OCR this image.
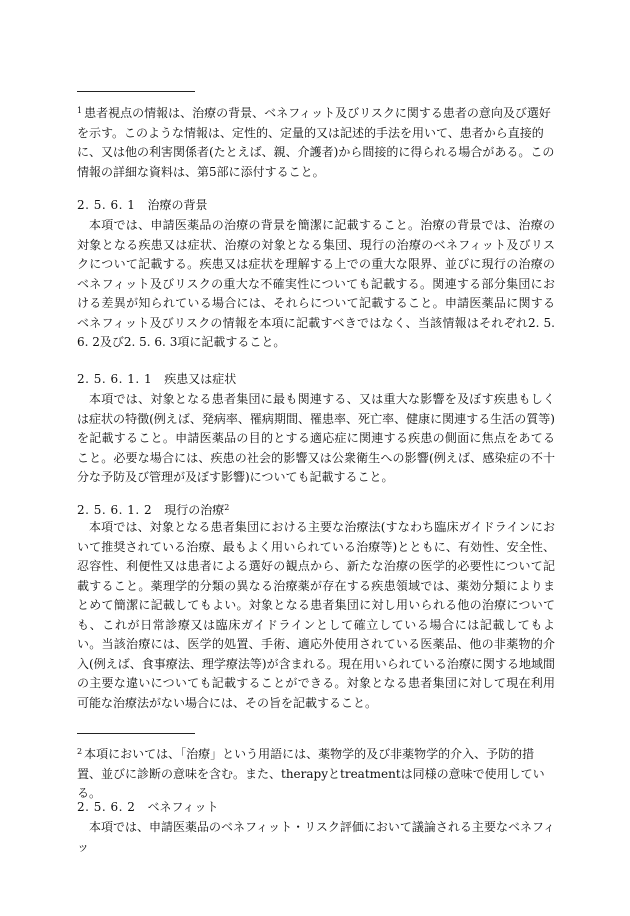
$^1$ 患者視点の情報は、治療の背景、ベネフィット及びリスクに関する患者の意向及び選好を示す。このような情報は、定性的、定量的又は記述的手法を用いて、患者から直接的に、又は他の利害関係者(たとえば、親、介護者)から間接的に得られる場合がある。この情報の詳細な資料は、第5部に添付すること。

2. 5. 6. 1　 治療の背景

本項では、申請医薬品の治療の背景を簡潔に記載すること。治療の背景では、治療の対象となる疾患又は症状、治療の対象となる集団、現行の治療のベネフィット及びリスクについて記載する。疾患又は症状を理解する上での重大な限界、並びに現行の治療のベネフィット及びリスクの重大な不確実性についても記載する。関連する部分集団における差異が知られている場合には、それらについて記載すること。申請医薬品に関するベネフィット及びリスクの情報を本項に記載すべきではなく、当該情報はそれぞれ2. 5. 6. 2及び2. 5. 6. 3項に記載すること。

2. 5. 6. 1. 1　 疾患又は症状

本項では、対象となる患者集団に最も関連する、又は重大な影響を及ぼす疾患もしくは症状の特徴(例えば、発病率、罹病期間、罹患率、死亡率、健康に関連する生活の質等)を記載すること。申請医薬品の目的とする適応症に関連する疾患の側面に焦点をあてること。必要な場合には、疾患の社会的影響又は公衆衛生への影響(例えば、感染症の不十分な予防及び管理が及ぼす影響)についても記載すること。

2. 5. 6. 1. 2　 現行の治療$^2$

本項では、対象となる患者集団における主要な治療法(すなわち臨床ガイドラインにおいて推奨されている治療、最もよく用いられている治療等)とともに、有効性、安全性、忍容性、利便性又は患者による選好の観点から、新たな治療の医学的必要性について記載すること。薬理学的分類の異なる治療薬が存在する疾患領域では、薬効分類によりまとめて簡潔に記載してもよい。対象となる患者集団に対し用いられる他の治療についても、これが日常診療又は臨床ガイドラインとして確立している場合には記載してもよい。当該治療には、医学的処置、手術、適応外使用されている医薬品、他の非薬物的介入(例えば、食事療法、理学療法等)が含まれる。現在用いられている治療に関する地域間の主要な違いについても記載することができる。対象となる患者集団に対して現在利用可能な治療法がない場合には、その旨を記載すること。

$^2$ 本項においては、「治療」という用語には、薬物学的及び非薬物学的介入、予防的措置、並びに診断の意味を含む。また、therapyとtreatmentは同様の意味で使用している。

2. 5. 6. 2　 ベネフィット

本項では、申請医薬品のベネフィット・リスク評価において議論される主要なベネフィッ
